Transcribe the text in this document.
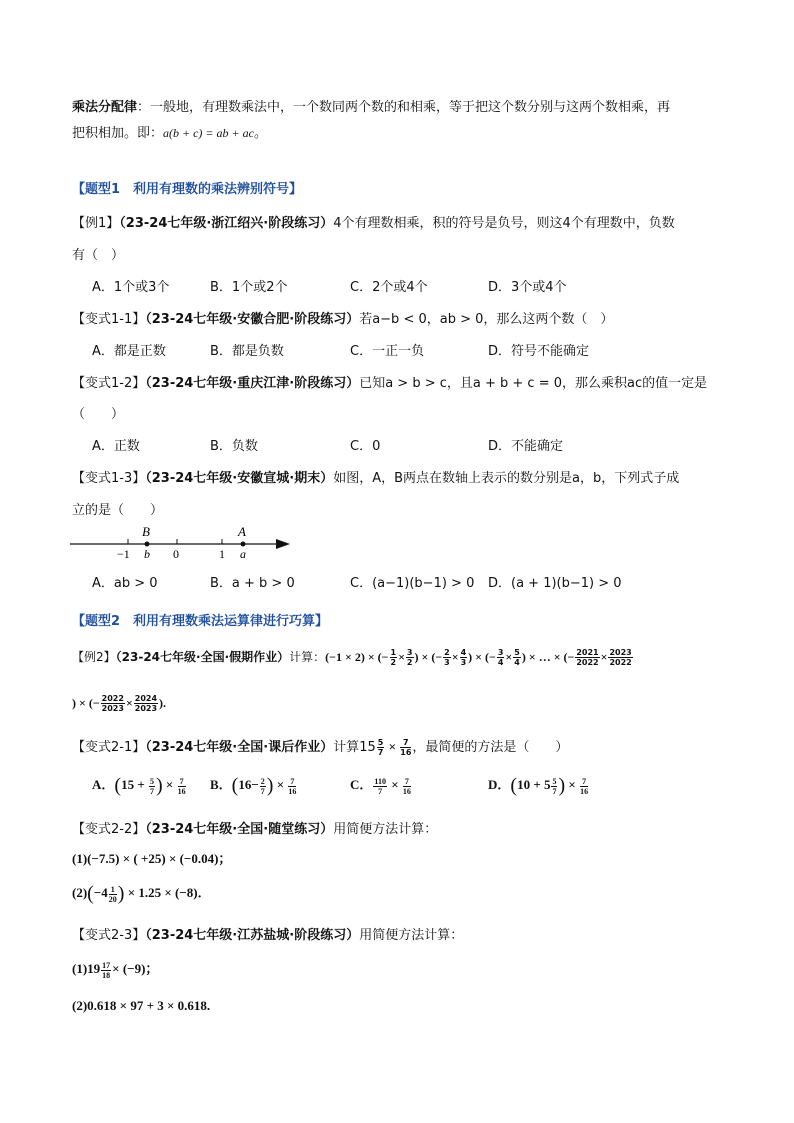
乘法分配律：一般地，有理数乘法中，一个数同两个数的和相乘，等于把这个数分别与这两个数相乘，再
把积相加。即：a(b + c) = ab + ac。
【题型1　利用有理数的乘法辨别符号】
【例1】（23-24七年级·浙江绍兴·阶段练习）4个有理数相乘，积的符号是负号，则这4个有理数中，负数
有（　）
A．1个或3个	B．1个或2个	C．2个或4个	D．3个或4个
【变式1-1】（23-24七年级·安徽合肥·阶段练习）若a−b < 0，ab > 0，那么这两个数（　）
A．都是正数	B．都是负数	C．一正一负	D．符号不能确定
【变式1-2】（23-24七年级·重庆江津·阶段练习）已知a > b > c，且a + b + c = 0，那么乘积ac的值一定是
（　　）
A．正数	B．负数	C．0	D．不能确定
【变式1-3】（23-24七年级·安徽宣城·期末）如图，A，B两点在数轴上表示的数分别是a，b，下列式子成
立的是（　　）
B	A
−1 b 0	1 a
A．ab > 0	B．a + b > 0	C．(a−1)(b−1) > 0 D．(a + 1)(b−1) > 0
【题型2　利用有理数乘法运算律进行巧算】
【例2】（23-24七年级·全国·假期作业）计算：(−1 × 2) × (− $\frac{1}{2} \times \frac{3}{2}$ ) × (− $\frac{2}{3} \times \frac{4}{3}$ ) × (− $\frac{3}{4} \times \frac{5}{4}$ ) × … × (− $\frac{2021}{2022} \times \frac{2023}{2022}$
) × (− $\frac{2022}{2023} \times \frac{2024}{2023}$ ).
【变式2-1】（23-24七年级·全国·课后作业）计算$15 \frac{5}{7} \times \frac{7}{16}$ ，最简便的方法是（　　）
A．($15 + \frac{5}{7}$ ) × $\frac{7}{16}$ B．($16- \frac{2}{7}$ ) × $\frac{7}{16}$	C． $\frac{110}{7} \times \frac{7}{16}$	D．($10 + 5 \frac{5}{7}$ ) × $\frac{7}{16}$
【变式2-2】（23-24七年级·全国·随堂练习）用简便方法计算：
(1)(−7.5) × ( +25) × (−0.04)；
$(2)(-4 \frac{1}{20}$ ) × 1.25 × (−8)．
【变式2-3】（23-24七年级·江苏盐城·阶段练习）用简便方法计算：
$(1)19 \frac{17}{18} \times (-9)$；
(2)0.618 × 97 + 3 × 0.618.
